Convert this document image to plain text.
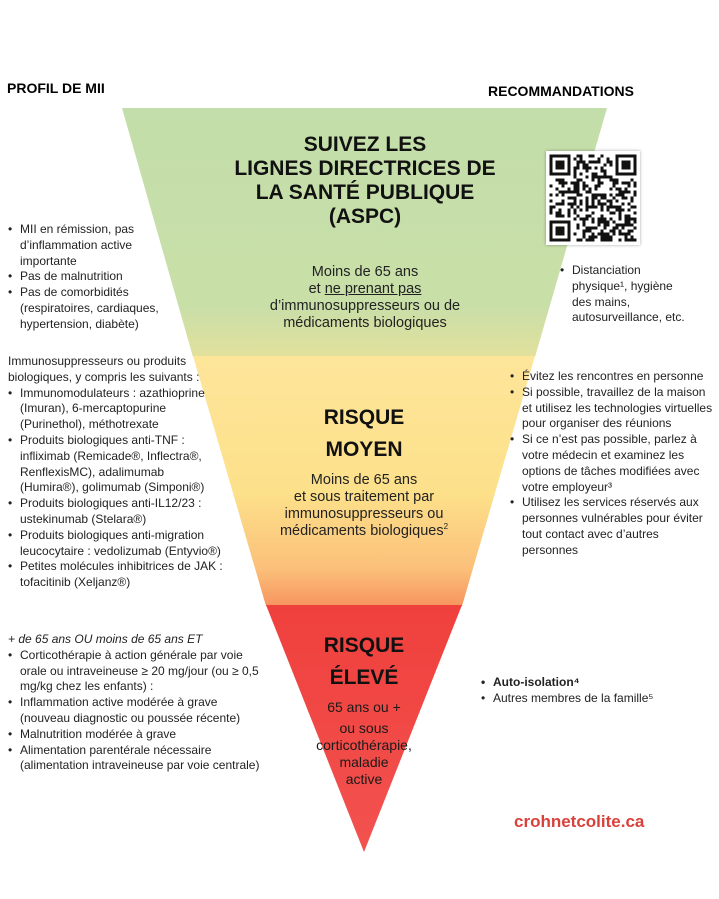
PROFIL DE MII	RECOMMANDATIONS
SUIVEZ LES
LIGNES DIRECTRICES DE
LA SANTÉ PUBLIQUE
(ASPC)
Moins de 65 ans
et ne prenant pas
d’immunosuppresseurs ou de
médicaments biologiques
RISQUE
MOYEN
Moins de 65 ans
et sous traitement par
immunosuppresseurs ou
médicaments biologiques$^2$
RISQUE
ÉLEVÉ
65 ans ou +
ou sous
corticothérapie,
maladie
active
• MII en rémission, pas d’inflammation active importante
• Pas de malnutrition
• Pas de comorbidités (respiratoires, cardiaques, hypertension, diabète)
Immunosuppresseurs ou produits biologiques, y compris les suivants :
• Immunomodulateurs : azathioprine (Imuran), 6-mercaptopurine (Purinethol), méthotrexate
• Produits biologiques anti-TNF : infliximab (Remicade®, Inflectra®, RenflexisMC), adalimumab (Humira®), golimumab (Simponi®)
• Produits biologiques anti-IL12/23 : ustekinumab (Stelara®)
• Produits biologiques anti-migration leucocytaire : vedolizumab (Entyvio®)
• Petites molécules inhibitrices de JAK : tofacitinib (Xeljanz®)
+ de 65 ans OU moins de 65 ans ET
• Corticothérapie à action générale par voie orale ou intraveineuse ≥ 20 mg/jour (ou ≥ 0,5 mg/kg chez les enfants) :
• Inflammation active modérée à grave (nouveau diagnostic ou poussée récente)
• Malnutrition modérée à grave
• Alimentation parentérale nécessaire (alimentation intraveineuse par voie centrale)
• Distanciation physique¹, hygiène des mains, autosurveillance, etc.
• Évitez les rencontres en personne
• Si possible, travaillez de la maison et utilisez les technologies virtuelles pour organiser des réunions
• Si ce n’est pas possible, parlez à votre médecin et examinez les options de tâches modifiées avec votre employeur³
• Utilisez les services réservés aux personnes vulnérables pour éviter tout contact avec d’autres personnes
• Auto-isolation⁴
• Autres membres de la famille⁵
crohnetcolite.ca
